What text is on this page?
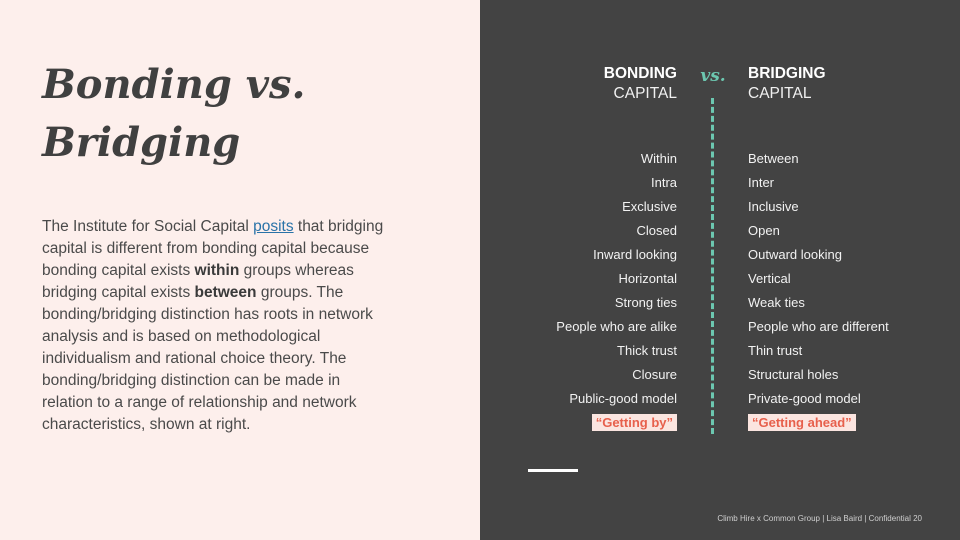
Bonding vs. Bridging

The Institute for Social Capital posits that bridging capital is different from bonding capital because bonding capital exists within groups whereas bridging capital exists between groups. The bonding/bridging distinction has roots in network analysis and is based on methodological individualism and rational choice theory. The bonding/bridging distinction can be made in relation to a range of relationship and network characteristics, shown at right.

BONDING
CAPITAL
vs. BRIDGING
CAPITAL
Within
Intra
Exclusive
Closed
Inward looking
Horizontal
Strong ties
People who are alike
Thick trust
Closure
Public-good model
“Getting by”
Between
Inter
Inclusive
Open
Outward looking
Vertical
Weak ties
People who are different
Thin trust
Structural holes
Private-good model
“Getting ahead”
Climb Hire x Common Group | Lisa Baird | Confidential 20
